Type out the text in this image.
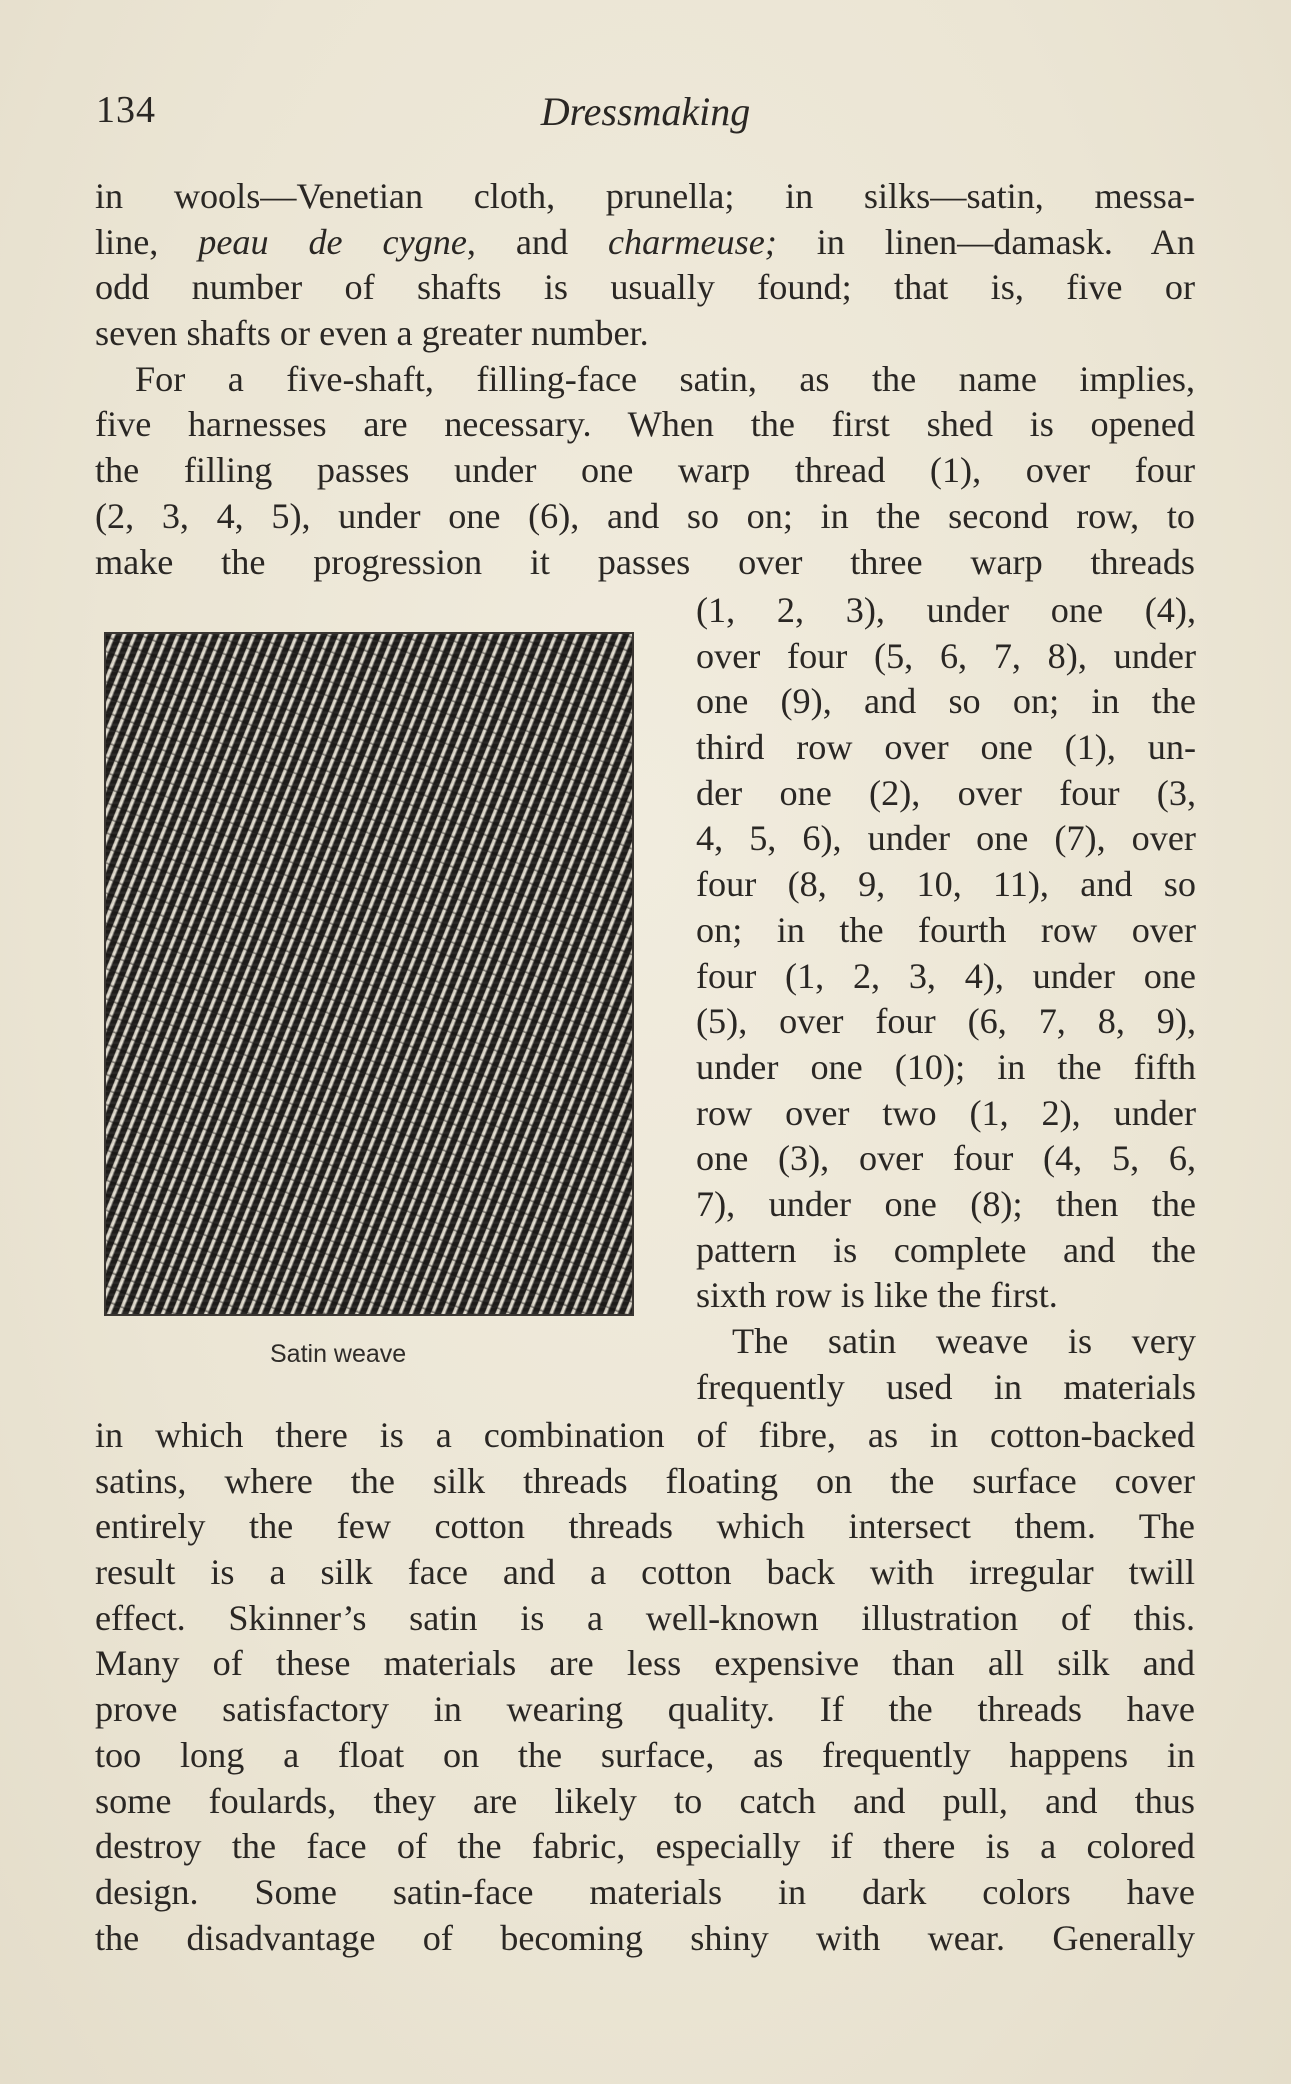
134	Dressmaking
in wools—Venetian cloth, prunella; in silks—satin, messa-
line, peau de cygne, and charmeuse; in linen—damask. An
odd number of shafts is usually found; that is, five or
seven shafts or even a greater number.
For a five-shaft, filling-face satin, as the name implies,
five harnesses are necessary. When the first shed is opened
the filling passes under one warp thread (1), over four
(2, 3, 4, 5), under one (6), and so on; in the second row, to
make the progression it passes over three warp threads
Satin weave
(1, 2, 3), under one (4),
over four (5, 6, 7, 8), under
one (9), and so on; in the
third row over one (1), un-
der one (2), over four (3,
4, 5, 6), under one (7), over
four (8, 9, 10, 11), and so
on; in the fourth row over
four (1, 2, 3, 4), under one
(5), over four (6, 7, 8, 9),
under one (10); in the fifth
row over two (1, 2), under
one (3), over four (4, 5, 6,
7), under one (8); then the
pattern is complete and the
sixth row is like the first.
The satin weave is very
frequently used in materials
in which there is a combination of fibre, as in cotton-backed
satins, where the silk threads floating on the surface cover
entirely the few cotton threads which intersect them. The
result is a silk face and a cotton back with irregular twill
effect. Skinner’s satin is a well-known illustration of this.
Many of these materials are less expensive than all silk and
prove satisfactory in wearing quality. If the threads have
too long a float on the surface, as frequently happens in
some foulards, they are likely to catch and pull, and thus
destroy the face of the fabric, especially if there is a colored
design. Some satin-face materials in dark colors have
the disadvantage of becoming shiny with wear. Generally
